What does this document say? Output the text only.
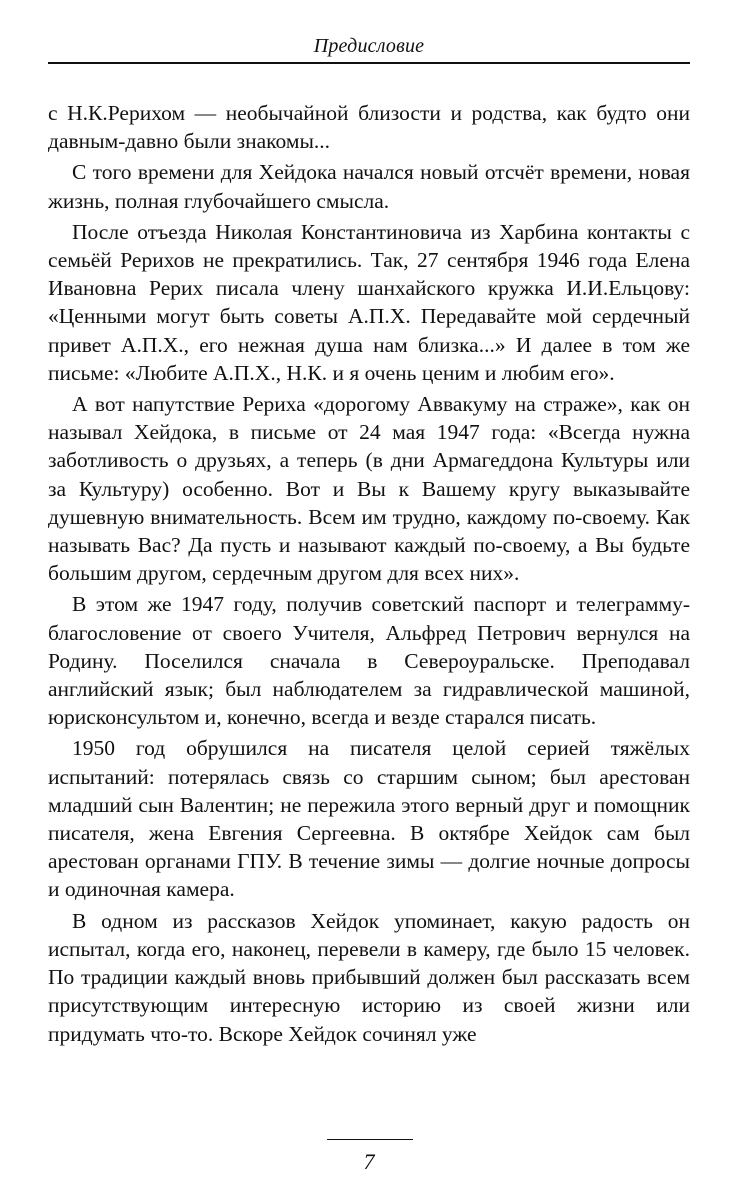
Предисловие

с Н.К.Рерихом — необычайной близости и родства, как будто они давным-давно были знакомы...

С того времени для Хейдока начался новый отсчёт времени, новая жизнь, полная глубочайшего смысла.

После отъезда Николая Константиновича из Харбина контакты с семьёй Рерихов не прекратились. Так, 27 сентября 1946 года Елена Ивановна Рерих писала члену шанхайского кружка И.И.Ельцову: «Ценными могут быть советы А.П.Х. Передавайте мой сердечный привет А.П.Х., его нежная душа нам близка...» И далее в том же письме: «Любите А.П.Х., Н.К. и я очень ценим и любим его».

А вот напутствие Рериха «дорогому Аввакуму на страже», как он называл Хейдока, в письме от 24 мая 1947 года: «Всегда нужна заботливость о друзьях, а теперь (в дни Армагеддона Культуры или за Культуру) особенно. Вот и Вы к Вашему кругу выказывайте душевную внимательность. Всем им трудно, каждому по-своему. Как называть Вас? Да пусть и называют каждый по-своему, а Вы будьте большим другом, сердечным другом для всех них».

В этом же 1947 году, получив советский паспорт и телеграмму-благословение от своего Учителя, Альфред Петрович вернулся на Родину. Поселился сначала в Североуральске. Преподавал английский язык; был наблюдателем за гидравлической машиной, юрисконсультом и, конечно, всегда и везде старался писать.

1950 год обрушился на писателя целой серией тяжёлых испытаний: потерялась связь со старшим сыном; был арестован младший сын Валентин; не пережила этого верный друг и помощник писателя, жена Евгения Сергеевна. В октябре Хейдок сам был арестован органами ГПУ. В течение зимы — долгие ночные допросы и одиночная камера.

В одном из рассказов Хейдок упоминает, какую радость он испытал, когда его, наконец, перевели в камеру, где было 15 человек. По традиции каждый вновь прибывший должен был рассказать всем присутствующим интересную историю из своей жизни или придумать что-то. Вскоре Хейдок сочинял уже

7
